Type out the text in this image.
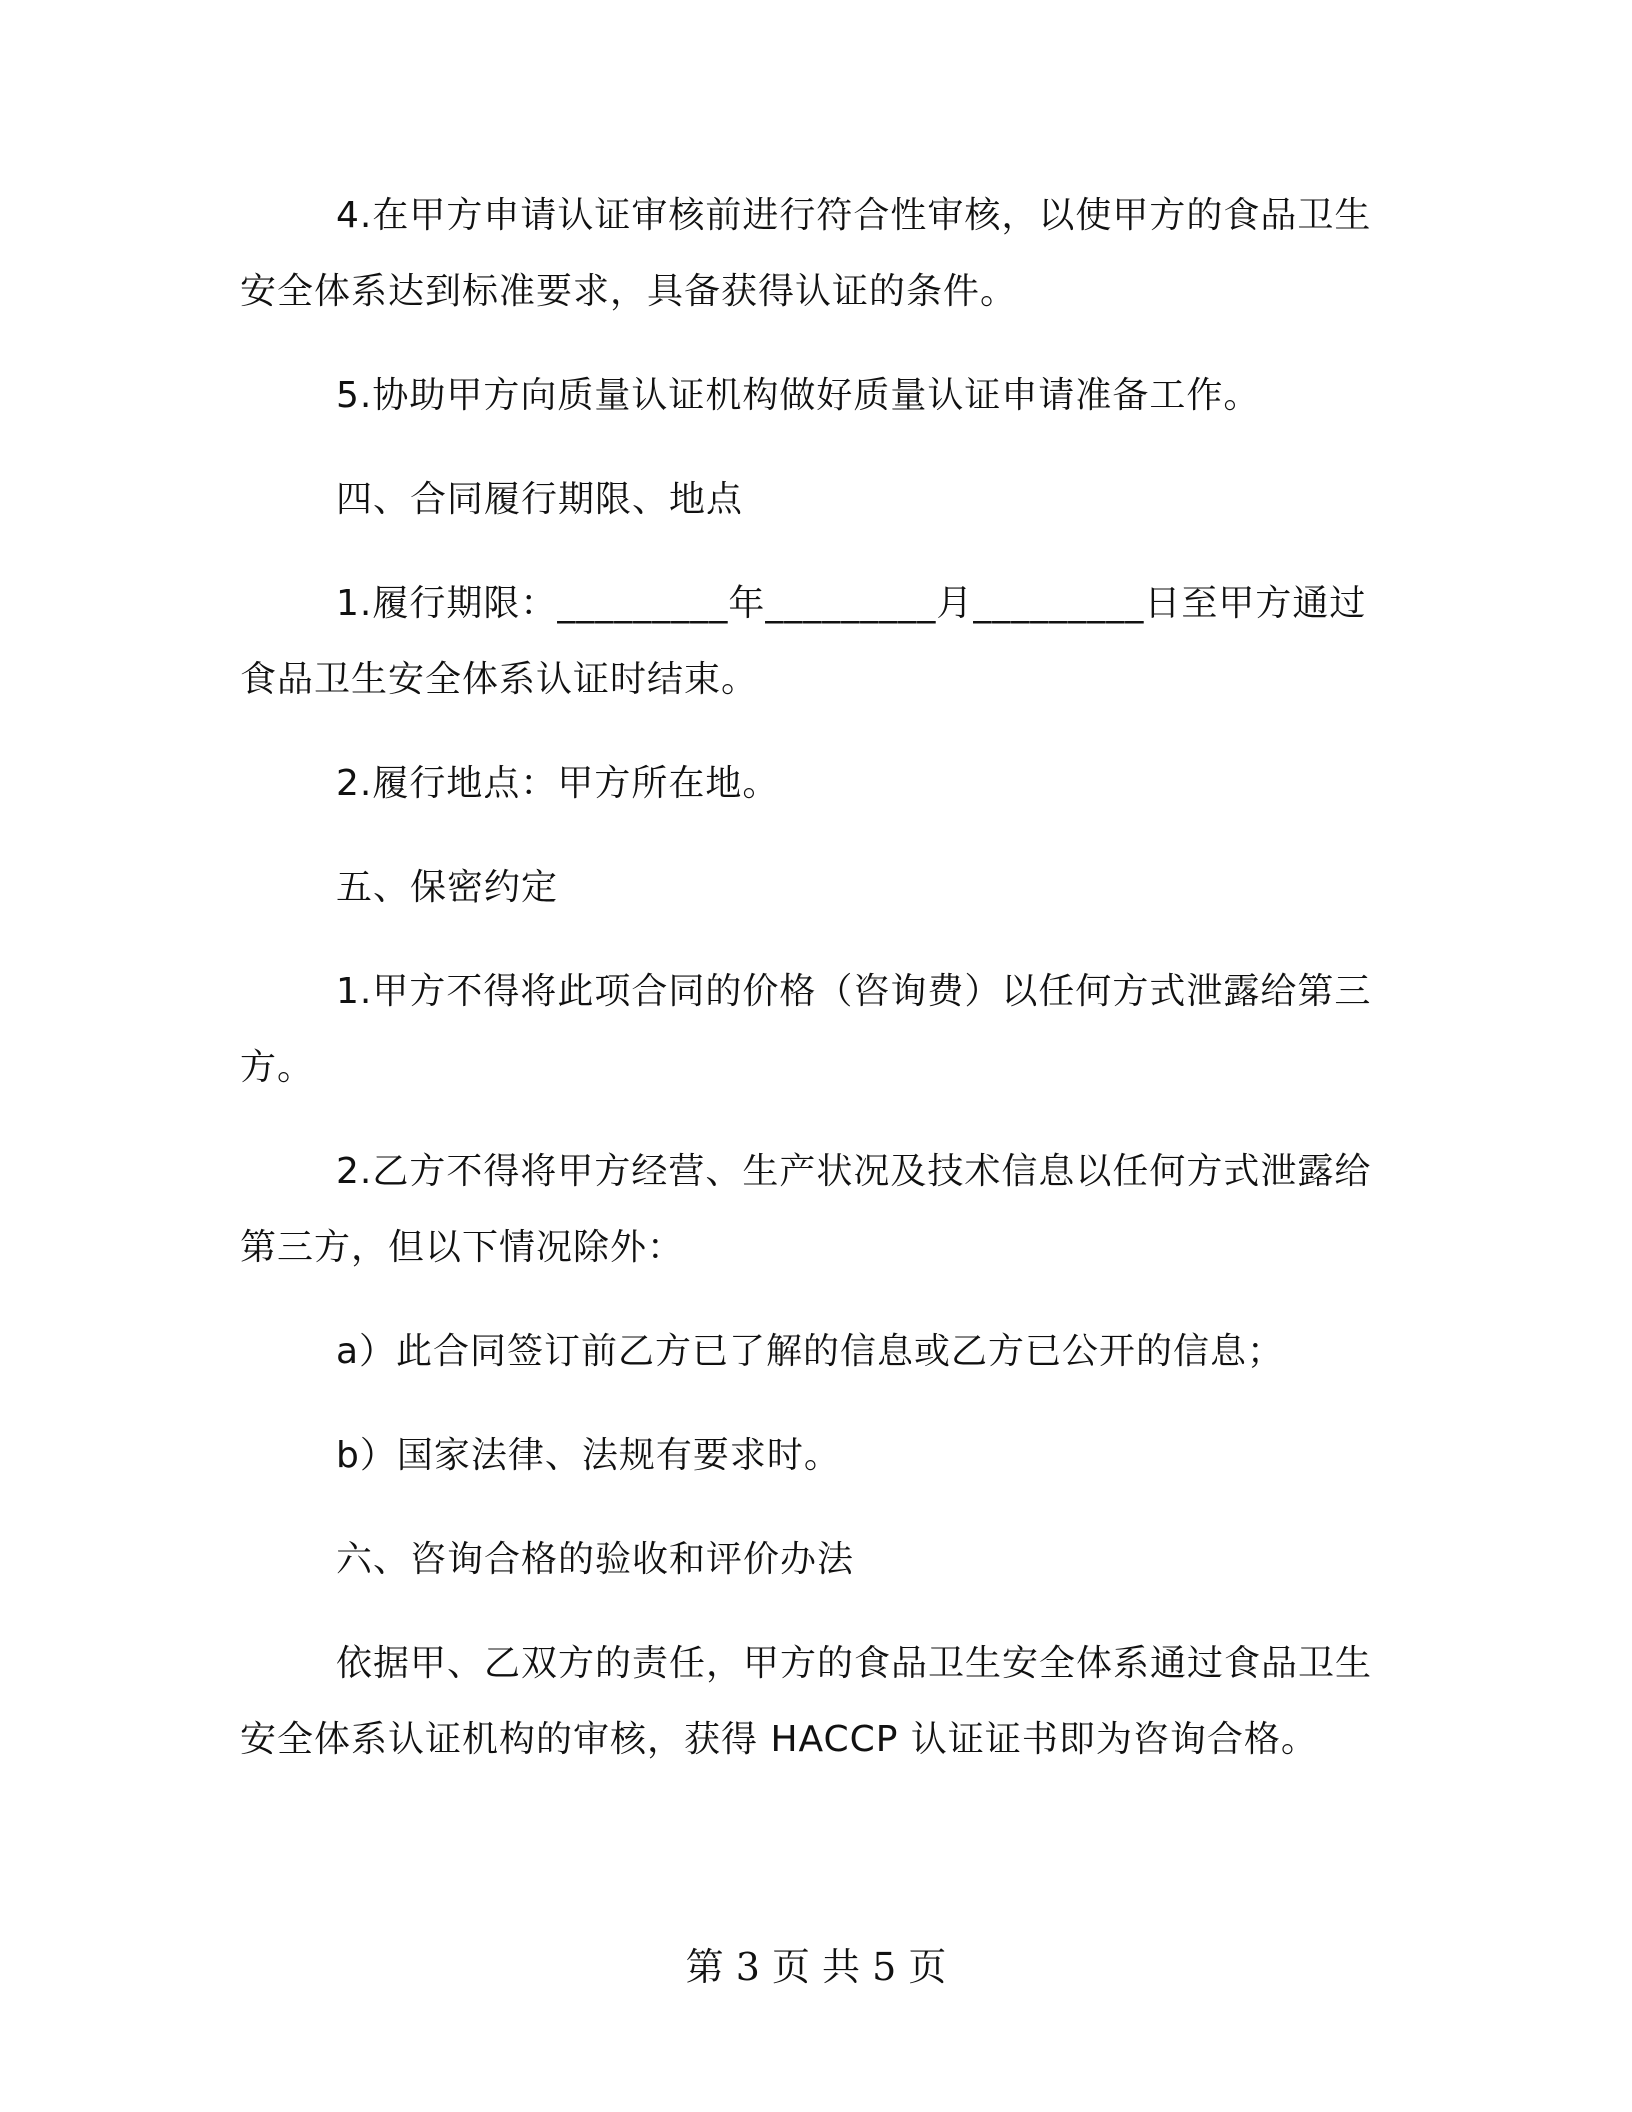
4.在甲方申请认证审核前进行符合性审核，以使甲方的食品卫生安全体系达到标准要求，具备获得认证的条件。

5.协助甲方向质量认证机构做好质量认证申请准备工作。

四、合同履行期限、地点

1.履行期限：_________年_________月_________日至甲方通过食品卫生安全体系认证时结束。

2.履行地点：甲方所在地。

五、保密约定

1.甲方不得将此项合同的价格（咨询费）以任何方式泄露给第三方。

2.乙方不得将甲方经营、生产状况及技术信息以任何方式泄露给第三方，但以下情况除外：

a）此合同签订前乙方已了解的信息或乙方已公开的信息；

b）国家法律、法规有要求时。

六、咨询合格的验收和评价办法

依据甲、乙双方的责任，甲方的食品卫生安全体系通过食品卫生安全体系认证机构的审核，获得 HACCP 认证证书即为咨询合格。

第 3 页 共 5 页
